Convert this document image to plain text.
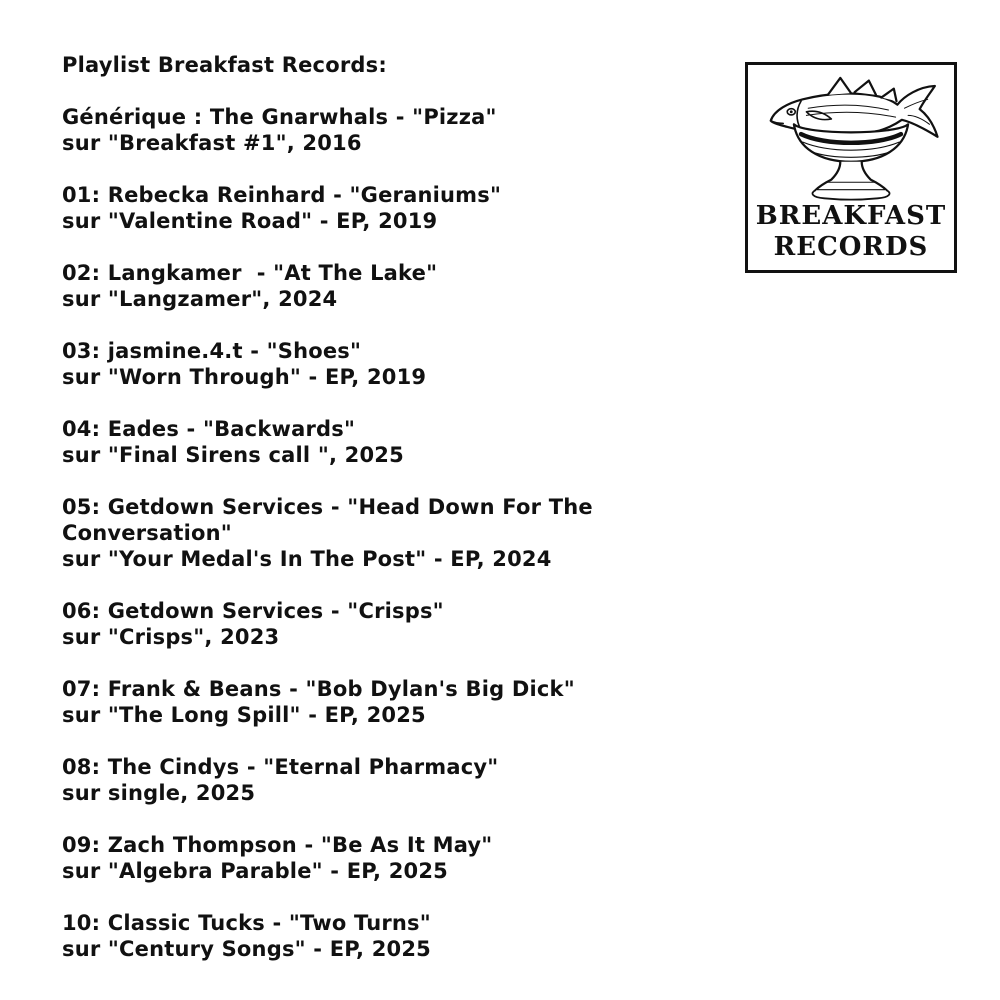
Playlist Breakfast Records:
Générique : The Gnarwhals - "Pizza"
sur "Breakfast #1", 2016
01: Rebecka Reinhard - "Geraniums"
sur "Valentine Road" - EP, 2019
02: Langkamer  - "At The Lake"
sur "Langzamer", 2024
03: jasmine.4.t - "Shoes"
sur "Worn Through" - EP, 2019
04: Eades - "Backwards"
sur "Final Sirens call ", 2025
05: Getdown Services - "Head Down For The Conversation"
sur "Your Medal's In The Post" - EP, 2024
06: Getdown Services - "Crisps"
sur "Crisps", 2023
07: Frank & Beans - "Bob Dylan's Big Dick"
sur "The Long Spill" - EP, 2025
08: The Cindys - "Eternal Pharmacy"
sur single, 2025
09: Zach Thompson - "Be As It May"
sur "Algebra Parable" - EP, 2025
10: Classic Tucks - "Two Turns"
sur "Century Songs" - EP, 2025
BREAKFAST
RECORDS
